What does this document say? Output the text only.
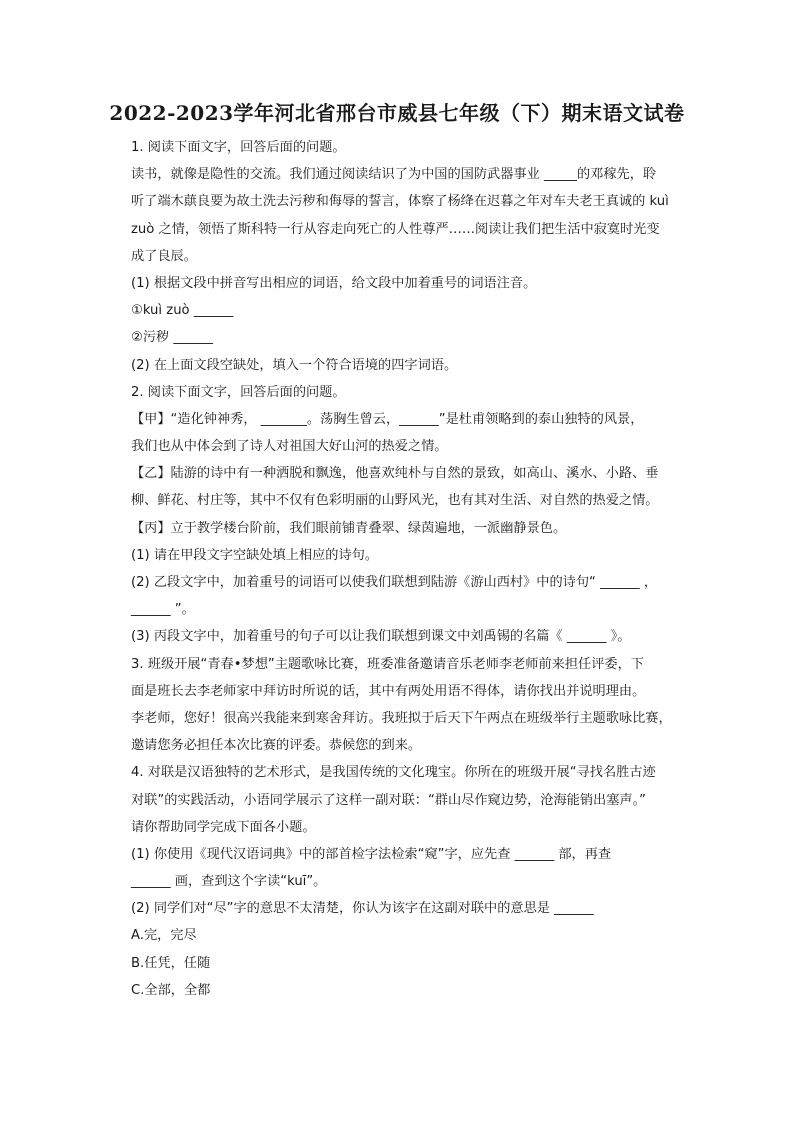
2022-2023学年河北省邢台市威县七年级（下）期末语文试卷
1. 阅读下面文字，回答后面的问题。
读书，就像是隐性的交流。我们通过阅读结识了为中国的国防武器事业 _____的邓稼先，聆
听了端木蕻良要为故土洗去污秽和侮辱的誓言，体察了杨绛在迟暮之年对车夫老王真诚的 kuì
zuò 之情，领悟了斯科特一行从容走向死亡的人性尊严……阅读让我们把生活中寂寞时光变
成了良辰。
(1) 根据文段中拼音写出相应的词语，给文段中加着重号的词语注音。
①kuì zuò ______
②污秽 ______
(2) 在上面文段空缺处，填入一个符合语境的四字词语。
2. 阅读下面文字，回答后面的问题。
【甲】“造化钟神秀， _______。荡胸生曾云，______”是杜甫领略到的泰山独特的风景，
我们也从中体会到了诗人对祖国大好山河的热爱之情。
【乙】陆游的诗中有一种洒脱和飘逸，他喜欢纯朴与自然的景致，如高山、溪水、小路、垂
柳、鲜花、村庄等，其中不仅有色彩明丽的山野风光，也有其对生活、对自然的热爱之情。
【丙】立于教学楼台阶前，我们眼前铺青叠翠、绿茵遍地，一派幽静景色。
(1) 请在甲段文字空缺处填上相应的诗句。
(2) 乙段文字中，加着重号的词语可以使我们联想到陆游《游山西村》中的诗句“ ______ ，
______ ”。
(3) 丙段文字中，加着重号的句子可以让我们联想到课文中刘禹锡的名篇《 ______ 》。
3. 班级开展“青春•梦想”主题歌咏比赛，班委准备邀请音乐老师李老师前来担任评委，下
面是班长去李老师家中拜访时所说的话，其中有两处用语不得体，请你找出并说明理由。
李老师，您好！很高兴我能来到寒舍拜访。我班拟于后天下午两点在班级举行主题歌咏比赛，
邀请您务必担任本次比赛的评委。恭候您的到来。
4. 对联是汉语独特的艺术形式，是我国传统的文化瑰宝。你所在的班级开展“寻找名胜古迹
对联”的实践活动，小语同学展示了这样一副对联：“群山尽作窥边势，沧海能销出塞声。”
请你帮助同学完成下面各小题。
(1) 你使用《现代汉语词典》中的部首检字法检索“窥”字，应先查 ______ 部，再查
______ 画，查到这个字读“kuī”。
(2) 同学们对“尽”字的意思不太清楚，你认为该字在这副对联中的意思是 ______
A.完，完尽
B.任凭，任随
C.全部，全都
